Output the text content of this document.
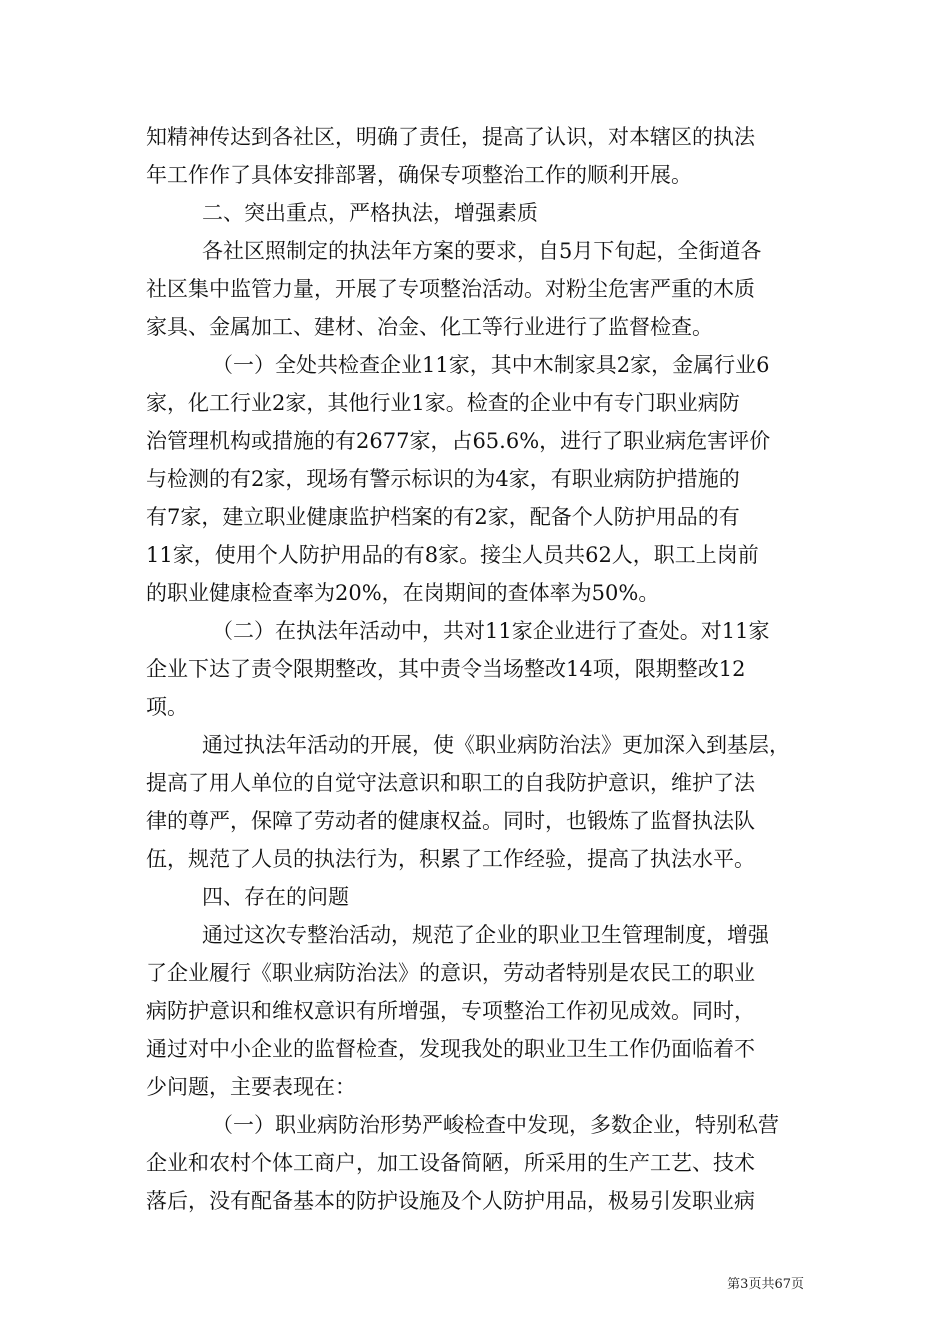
知精神传达到各社区，明确了责任，提高了认识，对本辖区的执法
年工作作了具体安排部署，确保专项整治工作的顺利开展。
二、突出重点，严格执法，增强素质
各社区照制定的执法年方案的要求，自5月下旬起，全街道各
社区集中监管力量，开展了专项整治活动。对粉尘危害严重的木质
家具、金属加工、建材、冶金、化工等行业进行了监督检查。
（一）全处共检查企业11家，其中木制家具2家，金属行业6
家，化工行业2家，其他行业1家。检查的企业中有专门职业病防
治管理机构或措施的有2677家，占65.6%，进行了职业病危害评价
与检测的有2家，现场有警示标识的为4家，有职业病防护措施的
有7家，建立职业健康监护档案的有2家，配备个人防护用品的有
11家，使用个人防护用品的有8家。接尘人员共62人，职工上岗前
的职业健康检查率为20%，在岗期间的查体率为50%。
（二）在执法年活动中，共对11家企业进行了查处。对11家
企业下达了责令限期整改，其中责令当场整改14项，限期整改12
项。
通过执法年活动的开展，使《职业病防治法》更加深入到基层，
提高了用人单位的自觉守法意识和职工的自我防护意识，维护了法
律的尊严，保障了劳动者的健康权益。同时，也锻炼了监督执法队
伍，规范了人员的执法行为，积累了工作经验，提高了执法水平。
四、存在的问题
通过这次专整治活动，规范了企业的职业卫生管理制度，增强
了企业履行《职业病防治法》的意识，劳动者特别是农民工的职业
病防护意识和维权意识有所增强，专项整治工作初见成效。同时，
通过对中小企业的监督检查，发现我处的职业卫生工作仍面临着不
少问题，主要表现在：
（一）职业病防治形势严峻检查中发现，多数企业，特别私营
企业和农村个体工商户，加工设备简陋，所采用的生产工艺、技术
落后，没有配备基本的防护设施及个人防护用品，极易引发职业病
第3页共67页
